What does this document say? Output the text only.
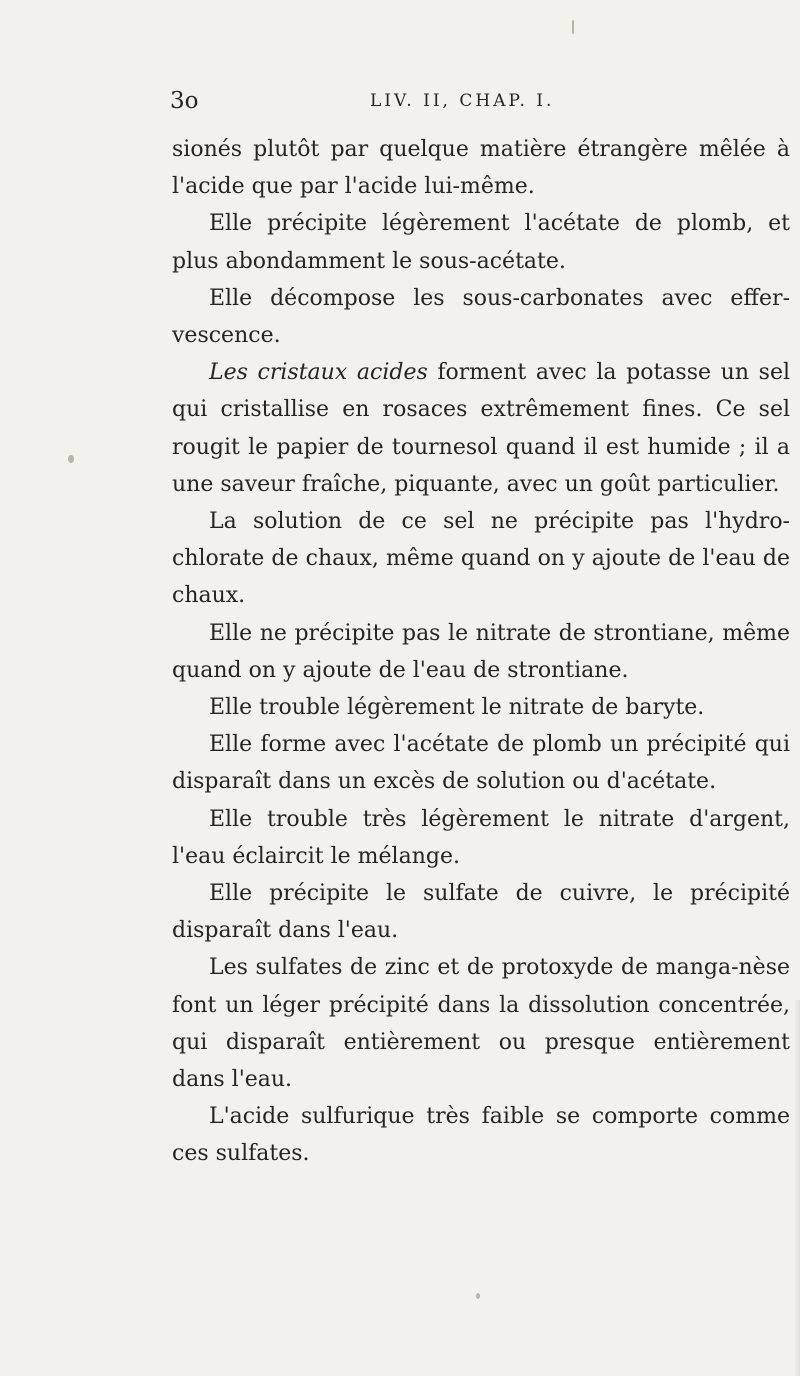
3o	LIV. II, CHAP. I.

sionés plutôt par quelque matière étrangère mêlée à l'acide que par l'acide lui-même.

Elle précipite légèrement l'acétate de plomb, et plus abondamment le sous-acétate.

Elle décompose les sous-carbonates avec effer-vescence.

Les cristaux acides forment avec la potasse un sel qui cristallise en rosaces extrêmement fines. Ce sel rougit le papier de tournesol quand il est humide ; il a une saveur fraîche, piquante, avec un goût particulier.

La solution de ce sel ne précipite pas l'hydro-chlorate de chaux, même quand on y ajoute de l'eau de chaux.

Elle ne précipite pas le nitrate de strontiane, même quand on y ajoute de l'eau de strontiane.

Elle trouble légèrement le nitrate de baryte.

Elle forme avec l'acétate de plomb un précipité qui disparaît dans un excès de solution ou d'acétate.

Elle trouble très légèrement le nitrate d'argent, l'eau éclaircit le mélange.

Elle précipite le sulfate de cuivre, le précipité disparaît dans l'eau.

Les sulfates de zinc et de protoxyde de manga-nèse font un léger précipité dans la dissolution concentrée, qui disparaît entièrement ou presque entièrement dans l'eau.

L'acide sulfurique très faible se comporte comme ces sulfates.
